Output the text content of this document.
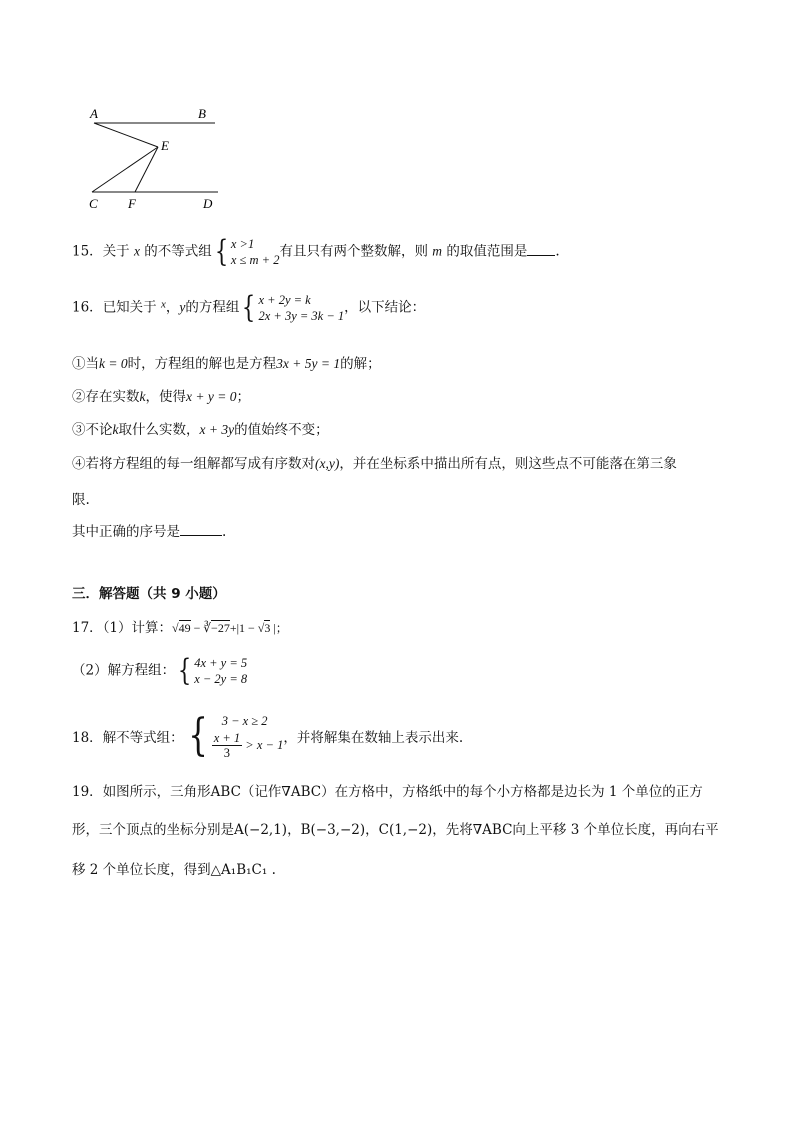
A	B
E
C F	D
15．关于 x 的不等式组{ x >1
x ≤ m + 2有且只有两个整数解，则 m 的取值范围是 .
16．已知关于 $^x$，y的方程组{ x + 2y = k
2x + 3y = 3k − 1，以下结论：
①当k = 0时，方程组的解也是方程3x + 5y = 1的解；
②存在实数k，使得x + y = 0；
③不论k取什么实数，x + 3y的值始终不变；
④若将方程组的每一组解都写成有序数对(x,y)，并在坐标系中描出所有点，则这些点不可能落在第三象
限.
其中正确的序号是	.
三．解答题（共 9 小题）
17．（1）计算：√49 − ∛−27+|1 − √3 |；
（2）解方程组：{ 4x + y = 5
x − 2y = 8
18．解不等式组：{ 3 − x ≥ 2
$\frac{x + 1}{3} > x - 1$，并将解集在数轴上表示出来.
19．如图所示，三角形ABC（记作∇ABC）在方格中，方格纸中的每个小方格都是边长为 1 个单位的正方
形，三个顶点的坐标分别是A(−2,1)，B(−3,−2)，C(1,−2)，先将∇ABC向上平移 3 个单位长度，再向右平
移 2 个单位长度，得到△A₁B₁C₁ .
